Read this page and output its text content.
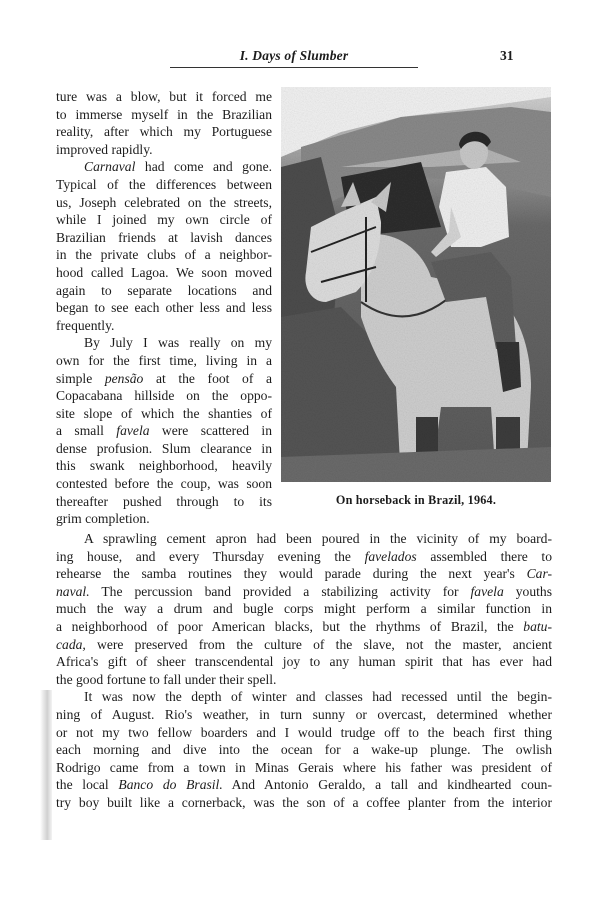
I. Days of Slumber	31
ture was a blow, but it forced me
to immerse myself in the Brazilian
reality, after which my Portuguese
improved rapidly.
Carnaval had come and gone.
Typical of the differences between
us, Joseph celebrated on the streets,
while I joined my own circle of
Brazilian friends at lavish dances
in the private clubs of a neighbor-
hood called Lagoa. We soon moved
again to separate locations and
began to see each other less and less
frequently.
By July I was really on my
own for the first time, living in a
simple pensão at the foot of a
Copacabana hillside on the oppo-
site slope of which the shanties of
a small favela were scattered in
dense profusion. Slum clearance in
this swank neighborhood, heavily
contested before the coup, was soon
thereafter pushed through to its
grim completion.
On horseback in Brazil, 1964.
A sprawling cement apron had been poured in the vicinity of my board-
ing house, and every Thursday evening the favelados assembled there to
rehearse the samba routines they would parade during the next year's Car-
naval. The percussion band provided a stabilizing activity for favela youths
much the way a drum and bugle corps might perform a similar function in
a neighborhood of poor American blacks, but the rhythms of Brazil, the batu-
cada, were preserved from the culture of the slave, not the master, ancient
Africa's gift of sheer transcendental joy to any human spirit that has ever had
the good fortune to fall under their spell.
It was now the depth of winter and classes had recessed until the begin-
ning of August. Rio's weather, in turn sunny or overcast, determined whether
or not my two fellow boarders and I would trudge off to the beach first thing
each morning and dive into the ocean for a wake-up plunge. The owlish
Rodrigo came from a town in Minas Gerais where his father was president of
the local Banco do Brasil. And Antonio Geraldo, a tall and kindhearted coun-
try boy built like a cornerback, was the son of a coffee planter from the interior
